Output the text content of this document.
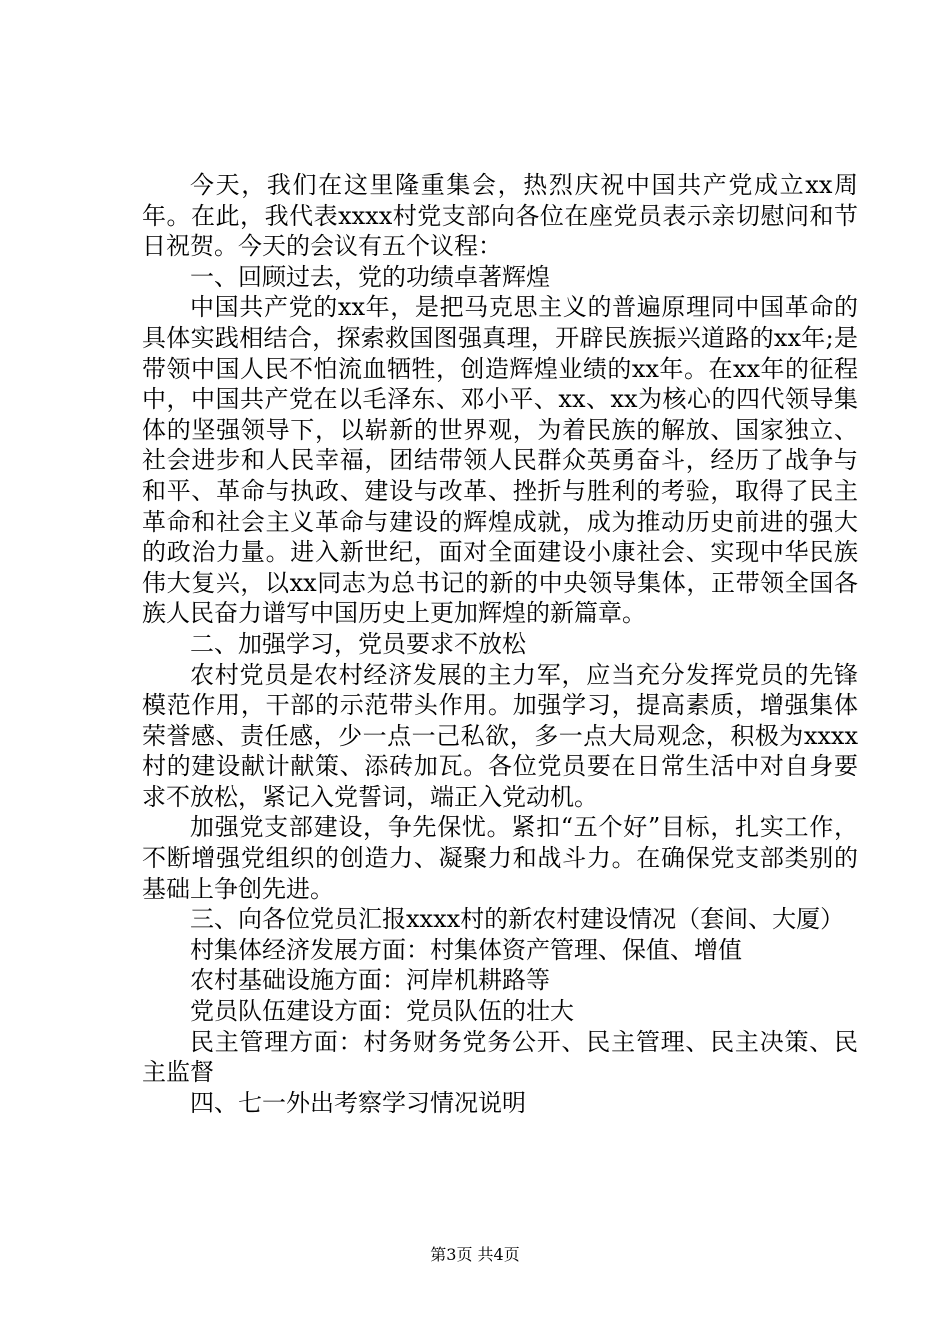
今天，我们在这里隆重集会，热烈庆祝中国共产党成立xx周年。在此，我代表xxxx村党支部向各位在座党员表示亲切慰问和节日祝贺。今天的会议有五个议程：

一、回顾过去，党的功绩卓著辉煌

中国共产党的xx年，是把马克思主义的普遍原理同中国革命的具体实践相结合，探索救国图强真理，开辟民族振兴道路的xx年;是带领中国人民不怕流血牺牲，创造辉煌业绩的xx年。在xx年的征程中，中国共产党在以毛泽东、邓小平、xx、xx为核心的四代领导集体的坚强领导下，以崭新的世界观，为着民族的解放、国家独立、社会进步和人民幸福，团结带领人民群众英勇奋斗，经历了战争与和平、革命与执政、建设与改革、挫折与胜利的考验，取得了民主革命和社会主义革命与建设的辉煌成就，成为推动历史前进的强大的政治力量。进入新世纪，面对全面建设小康社会、实现中华民族伟大复兴，以xx同志为总书记的新的中央领导集体，正带领全国各族人民奋力谱写中国历史上更加辉煌的新篇章。

二、加强学习，党员要求不放松

农村党员是农村经济发展的主力军，应当充分发挥党员的先锋模范作用，干部的示范带头作用。加强学习，提高素质，增强集体荣誉感、责任感，少一点一己私欲，多一点大局观念，积极为xxxx村的建设献计献策、添砖加瓦。各位党员要在日常生活中对自身要求不放松，紧记入党誓词，端正入党动机。

加强党支部建设，争先保忧。紧扣“五个好”目标，扎实工作，不断增强党组织的创造力、凝聚力和战斗力。在确保党支部类别的基础上争创先进。

三、向各位党员汇报xxxx村的新农村建设情况（套间、大厦）

村集体经济发展方面：村集体资产管理、保值、增值

农村基础设施方面：河岸机耕路等

党员队伍建设方面：党员队伍的壮大

民主管理方面：村务财务党务公开、民主管理、民主决策、民主监督

四、七一外出考察学习情况说明

第3页 共4页
